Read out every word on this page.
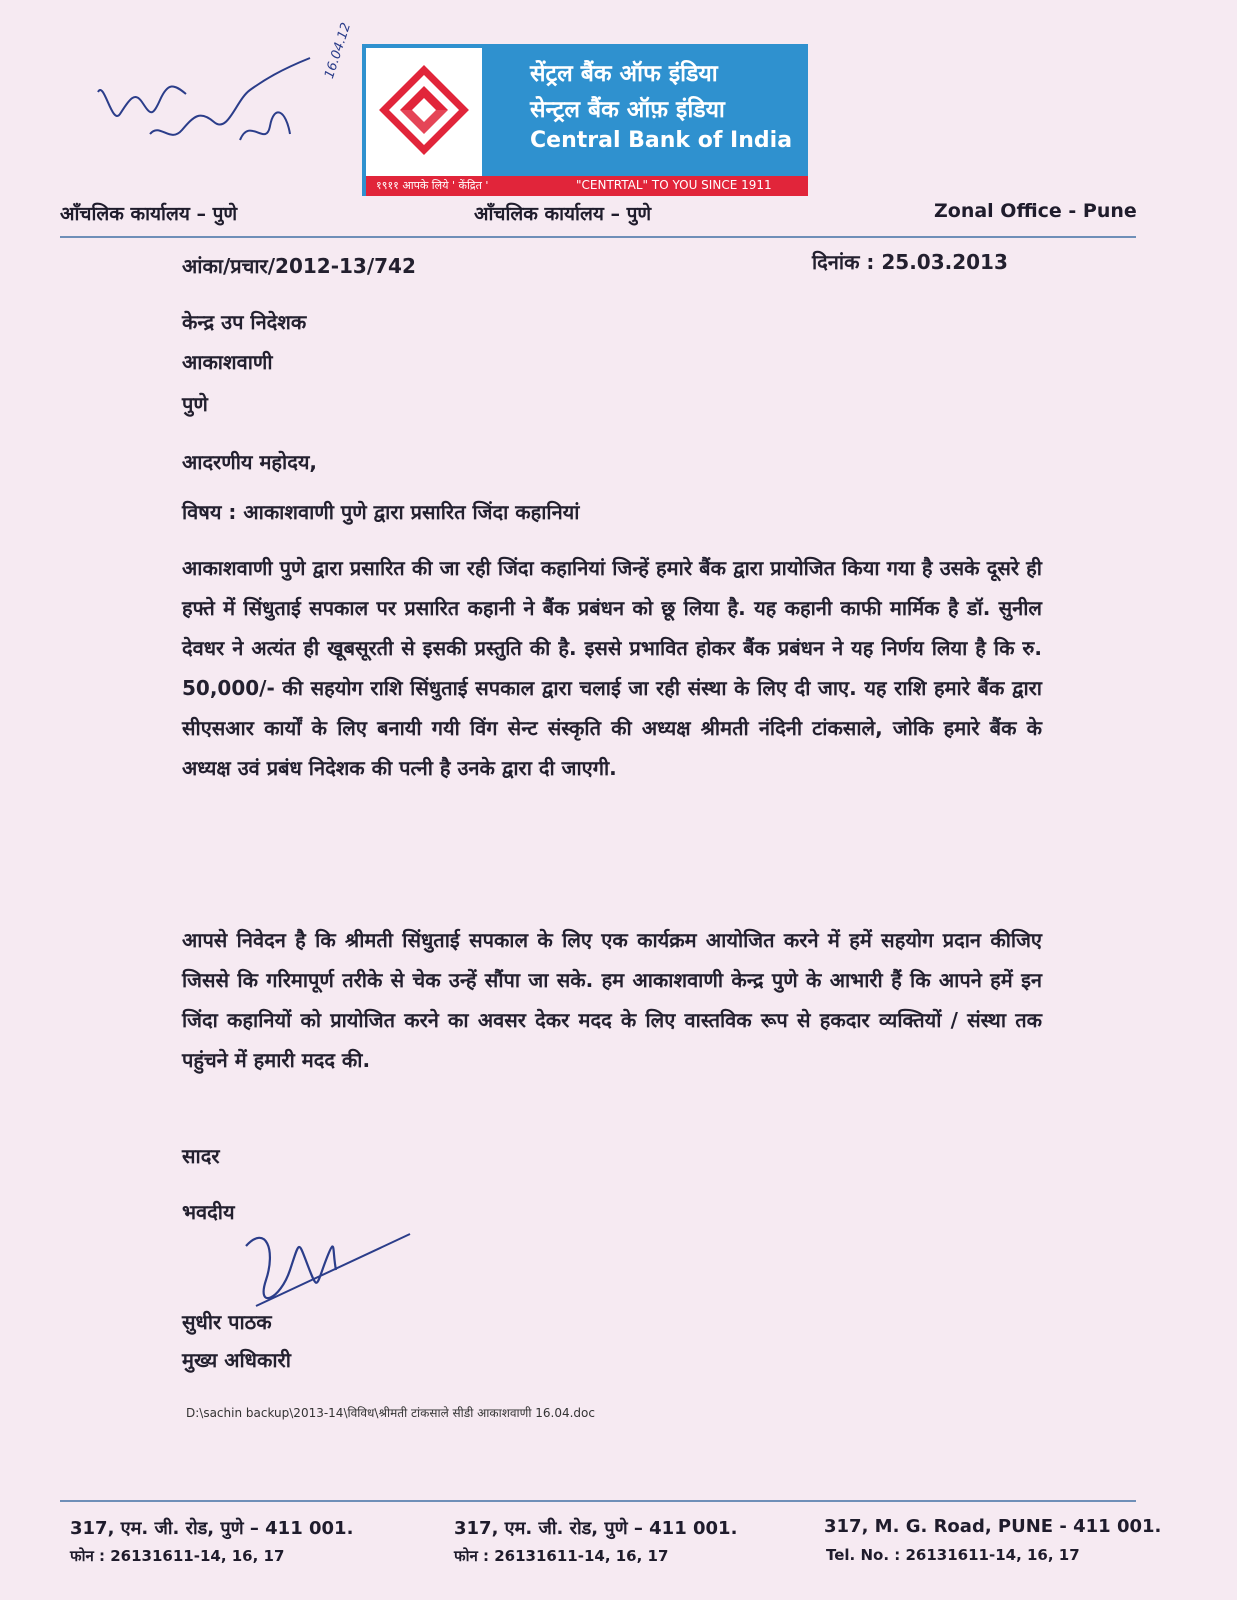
16.04.12	सेंट्रल बैंक ऑफ इंडिया
सेन्ट्रल बैंक ऑफ़ इंडिया
Central Bank of India
१९११ आपके लिये ' केंद्रित '	"CENTRTAL" TO YOU SINCE 1911
आँचलिक कार्यालय – पुणे	आँचलिक कार्यालय – पुणे	Zonal Office - Pune
आंका/प्रचार/2012-13/742	दिनांक : 25.03.2013
केन्द्र उप निदेशक
आकाशवाणी
पुणे
आदरणीय महोदय,
विषय : आकाशवाणी पुणे द्वारा प्रसारित जिंदा कहानियां
आकाशवाणी पुणे द्वारा प्रसारित की जा रही जिंदा कहानियां जिन्हें हमारे बैंक द्वारा प्रायोजित किया गया है उसके दूसरे ही हफ्ते में सिंधुताई सपकाल पर प्रसारित कहानी ने बैंक प्रबंधन को छू लिया है. यह कहानी काफी मार्मिक है डॉ. सुनील देवधर ने अत्यंत ही खूबसूरती से इसकी प्रस्तुति की है. इससे प्रभावित होकर बैंक प्रबंधन ने यह निर्णय लिया है कि रु. 50,000/- की सहयोग राशि सिंधुताई सपकाल द्वारा चलाई जा रही संस्था के लिए दी जाए. यह राशि हमारे बैंक द्वारा सीएसआर कार्यों के लिए बनायी गयी विंग सेन्ट संस्कृति की अध्यक्ष श्रीमती नंदिनी टांकसाले, जोकि हमारे बैंक के अध्यक्ष उवं प्रबंध निदेशक की पत्नी है उनके द्वारा दी जाएगी.
आपसे निवेदन है कि श्रीमती सिंधुताई सपकाल के लिए एक कार्यक्रम आयोजित करने में हमें सहयोग प्रदान कीजिए जिससे कि गरिमापूर्ण तरीके से चेक उन्हें सौंपा जा सके. हम आकाशवाणी केन्द्र पुणे के आभारी हैं कि आपने हमें इन जिंदा कहानियों को प्रायोजित करने का अवसर देकर मदद के लिए वास्तविक रूप से हकदार व्यक्तियों / संस्था तक पहुंचने में हमारी मदद की.
सादर
भवदीय
सुधीर पाठक
मुख्य अधिकारी
D:\sachin backup\2013-14\विविध\श्रीमती टांकसाले सीडी आकाशवाणी 16.04.doc
317, एम. जी. रोड, पुणे – 411 001.	317, एम. जी. रोड, पुणे – 411 001.	317, M. G. Road, PUNE - 411 001.
फोन : 26131611-14, 16, 17	फोन : 26131611-14, 16, 17	Tel. No. : 26131611-14, 16, 17
